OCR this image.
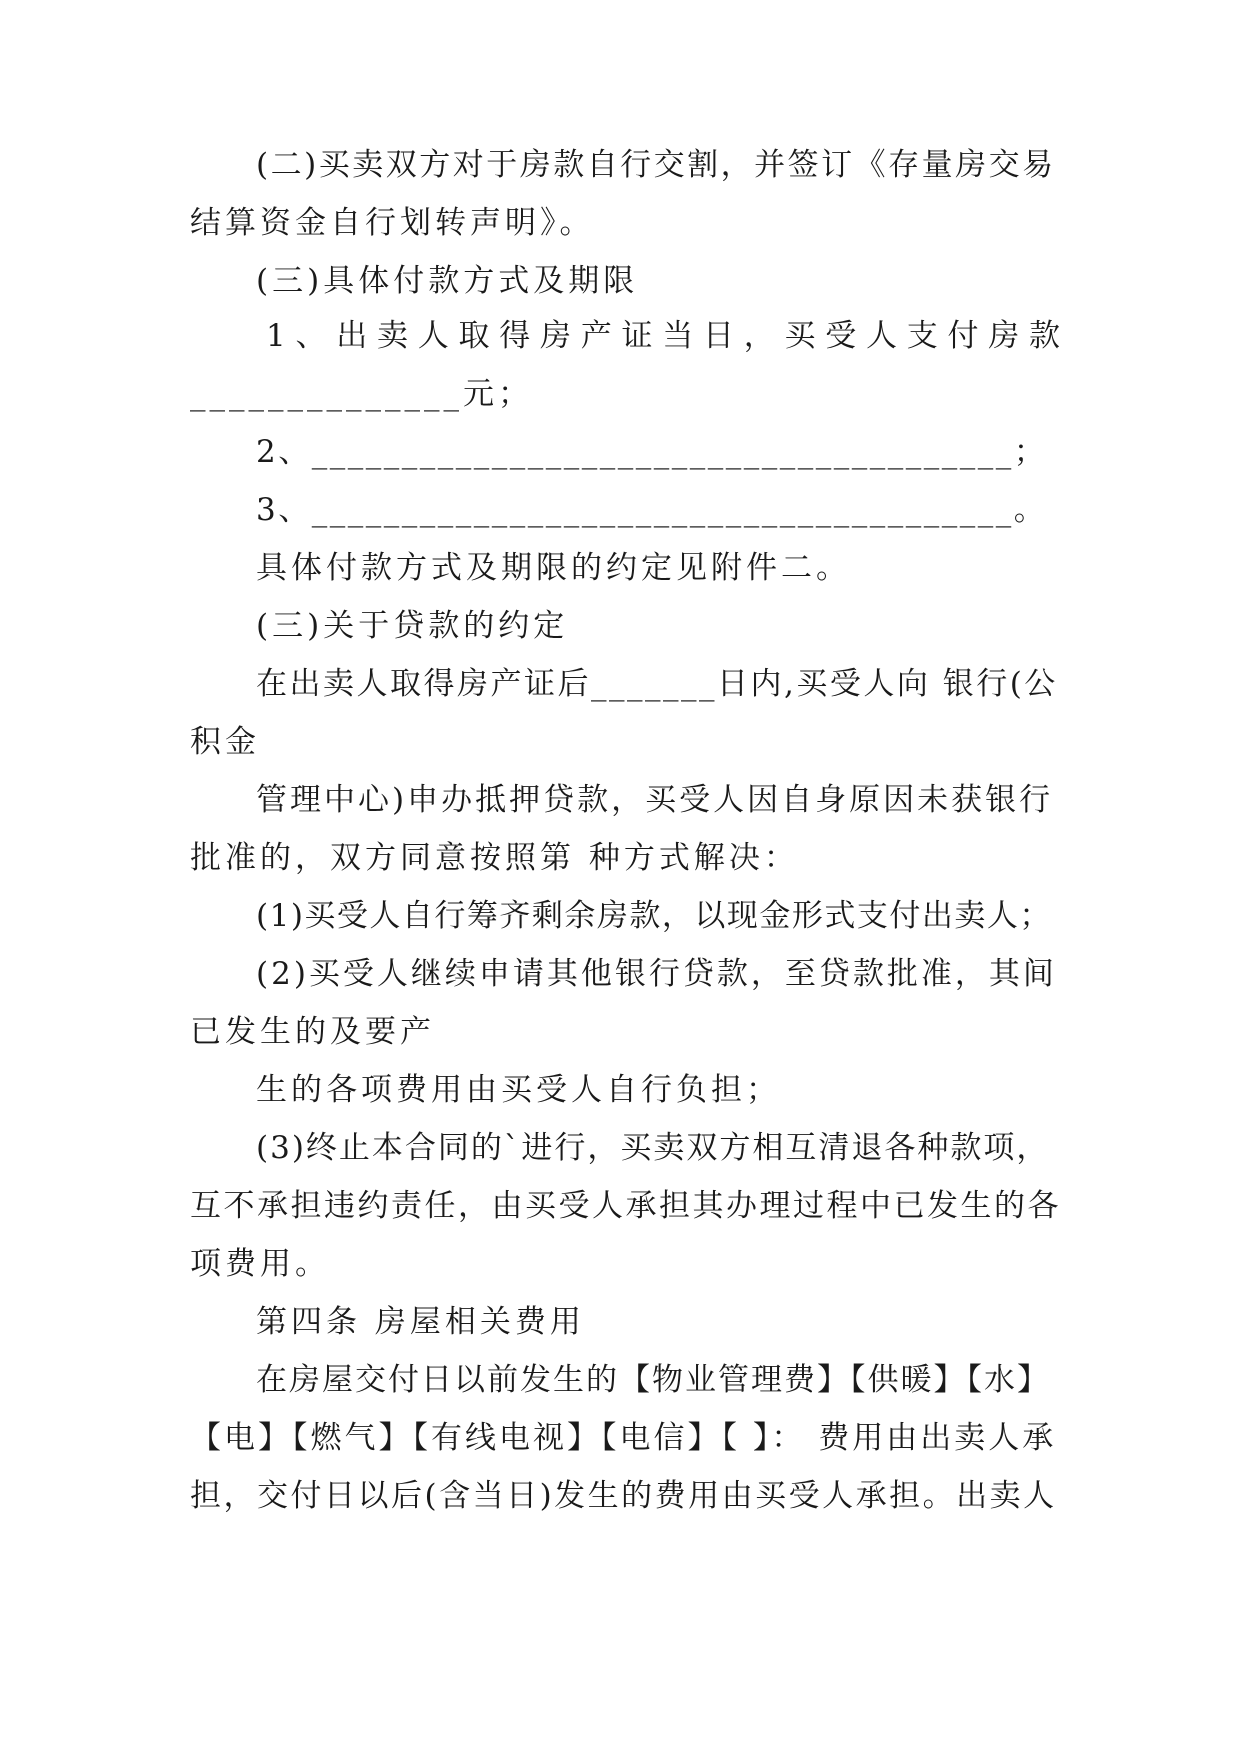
(二)买卖双方对于房款自行交割，并签订《存量房交易
结算资金自行划转声明》。
(三)具体付款方式及期限
1 、 出 卖 人 取 得 房 产 证 当 日 ， 买 受 人 支 付 房 款
______________元；
2、_______________________________________；
3、_______________________________________。
具体付款方式及期限的约定见附件二。
(三)关于贷款的约定
在出卖人取得房产证后_______日内,买受人向 银行(公
积金
管理中心)申办抵押贷款，买受人因自身原因未获银行
批准的，双方同意按照第 种方式解决：
(1)买受人自行筹齐剩余房款，以现金形式支付出卖人；
(2)买受人继续申请其他银行贷款，至贷款批准，其间
已发生的及要产
生的各项费用由买受人自行负担；
(3)终止本合同的`进行，买卖双方相互清退各种款项，
互不承担违约责任，由买受人承担其办理过程中已发生的各
项费用。
第四条 房屋相关费用
在房屋交付日以前发生的【物业管理费】【供暖】【水】
【电】【燃气】【有线电视】【电信】【 】： 费用由出卖人承
担，交付日以后(含当日)发生的费用由买受人承担。出卖人
